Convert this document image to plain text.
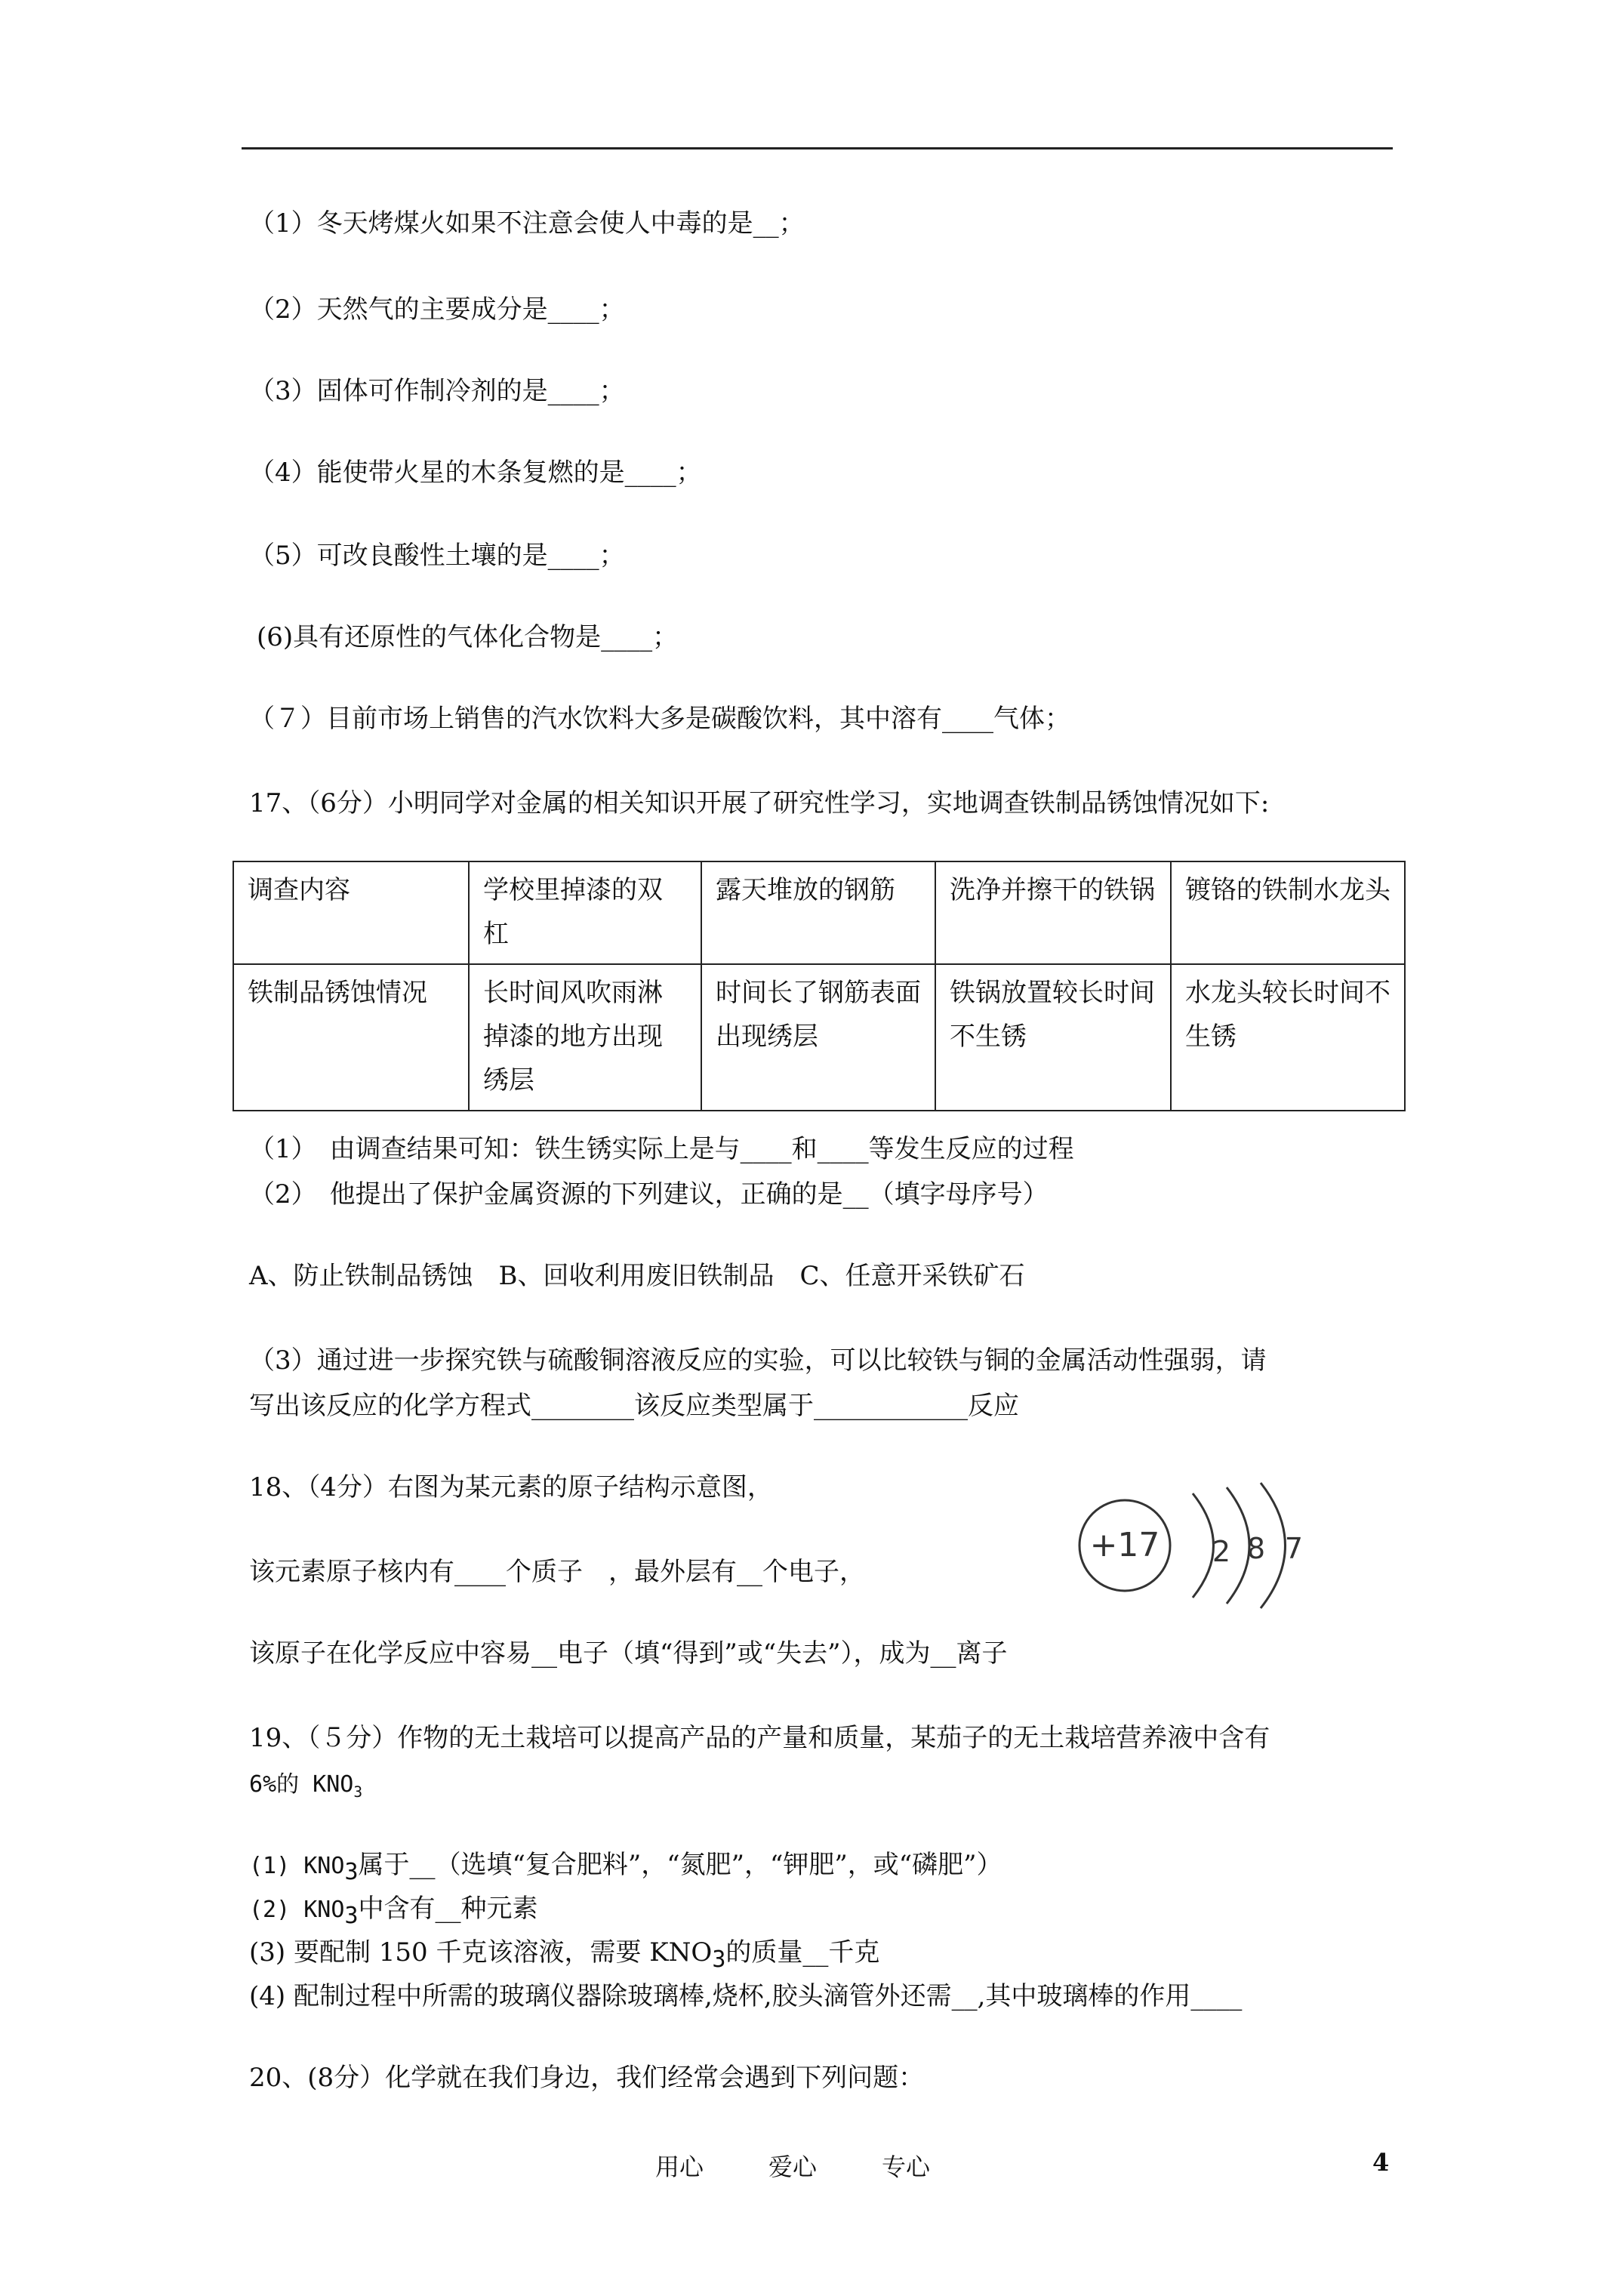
（1）冬天烤煤火如果不注意会使人中毒的是__；
（2）天然气的主要成分是____；
（3）固体可作制冷剂的是____；
（4）能使带火星的木条复燃的是____；
（5）可改良酸性土壤的是____；
(6)具有还原性的气体化合物是____；
（７）目前市场上销售的汽水饮料大多是碳酸饮料，其中溶有____气体；
17、（6分）小明同学对金属的相关知识开展了研究性学习，实地调查铁制品锈蚀情况如下:
调查内容	学校里掉漆的双杠	露天堆放的钢筋	洗净并擦干的铁锅	镀铬的铁制水龙头
铁制品锈蚀情况	长时间风吹雨淋掉漆的地方出现绣层	时间长了钢筋表面出现绣层	铁锅放置较长时间不生锈	水龙头较长时间不生锈
（1）　由调查结果可知：铁生锈实际上是与____和____等发生反应的过程
（2）　他提出了保护金属资源的下列建议，正确的是__（填字母序号）
A、防止铁制品锈蚀　B、回收利用废旧铁制品　C、任意开采铁矿石
（3）通过进一步探究铁与硫酸铜溶液反应的实验，可以比较铁与铜的金属活动性强弱，请
写出该反应的化学方程式________该反应类型属于____________反应
18、（4分）右图为某元素的原子结构示意图，
该元素原子核内有____个质子　，最外层有__个电子，
该原子在化学反应中容易__电子（填“得到”或“失去”），成为__离子
+17 2 8 7
19、（５分）作物的无土栽培可以提高产品的产量和质量，某茄子的无土栽培营养液中含有
6%的 $KNO_3$
(1) $KNO_3$属于__（选填“复合肥料”，“氮肥”，“钾肥”，或“磷肥”）
(2) $KNO_3$中含有__种元素
(3) 要配制 150 千克该溶液，需要 $KNO_3$的质量__千克
(4) 配制过程中所需的玻璃仪器除玻璃棒,烧杯,胶头滴管外还需__,其中玻璃棒的作用____
20、(8分）化学就在我们身边，我们经常会遇到下列问题：
用心	爱心	专心	4
